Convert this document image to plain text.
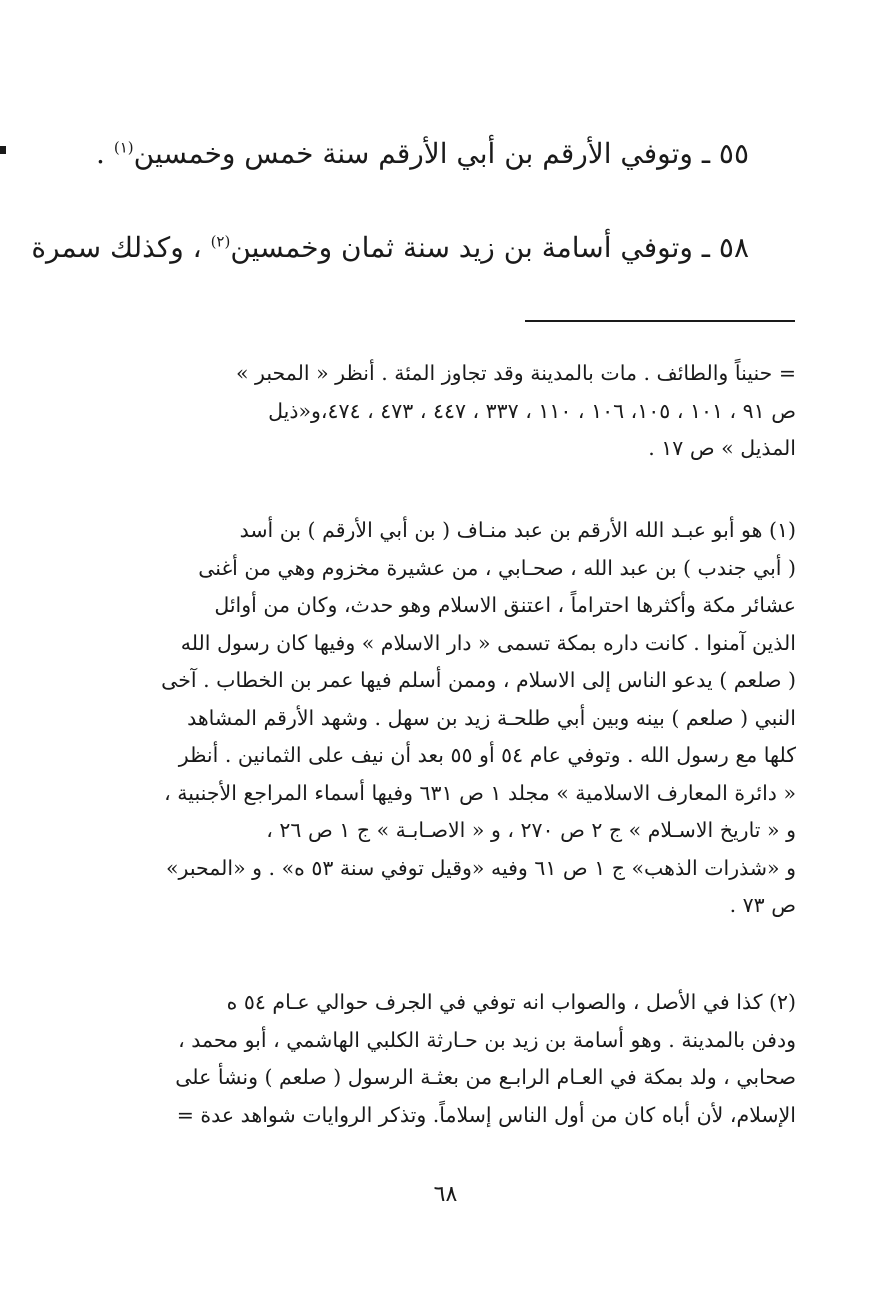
٥٥ ـ وتوفي الأرقم بن أبي الأرقم سنة خمس وخمسين$^{(١)}$ .
٥٨ ـ وتوفي أسامة بن زيد سنة ثمان وخمسين$^{(٢)}$ ، وكذلك سمرة

= حنيناً والطائف . مات بالمدينة وقد تجاوز المئة . أنظر « المحبر »

ص ٩١ ، ١٠١ ، ١٠٥، ١٠٦ ، ١١٠ ، ٣٣٧ ، ٤٤٧ ، ٤٧٣ ، ٤٧٤،و«ذيل

المذيل » ص ١٧ .

(١) هو أبو عبـد الله الأرقم بن عبد منـاف ( بن أبي الأرقم ) بن أسد

( أبي جندب ) بن عبد الله ، صحـابي ، من عشيرة مخزوم وهي من أغنى

عشائر مكة وأكثرها احتراماً ، اعتنق الاسلام وهو حدث، وكان من أوائل

الذين آمنوا . كانت داره بمكة تسمى « دار الاسلام » وفيها كان رسول الله

( صلعم ) يدعو الناس إلى الاسلام ، وممن أسلم فيها عمر بن الخطاب . آخى

النبي ( صلعم ) بينه وبين أبي طلحـة زيد بن سهل . وشهد الأرقم المشاهد

كلها مع رسول الله . وتوفي عام ٥٤ أو ٥٥ بعد أن نيف على الثمانين . أنظر

« دائرة المعارف الاسلامية » مجلد ١ ص ٦٣١ وفيها أسماء المراجع الأجنبية ،

و « تاريخ الاسـلام » ج ٢ ص ٢٧٠ ، و « الاصـابـة » ج ١ ص ٢٦ ،

و «شذرات الذهب» ج ١ ص ٦١ وفيه «وقيل توفي سنة ٥٣ ه» . و «المحبر»

ص ٧٣ .

(٢) كذا في الأصل ، والصواب انه توفي في الجرف حوالي عـام ٥٤ ه

ودفن بالمدينة . وهو أسامة بن زيد بن حـارثة الكلبي الهاشمي ، أبو محمد ،

صحابي ، ولد بمكة في العـام الرابـع من بعثـة الرسول ( صلعم ) ونشأ على

الإسلام، لأن أباه كان من أول الناس إسلاماً. وتذكر الروايات شواهد عدة =

٦٨
